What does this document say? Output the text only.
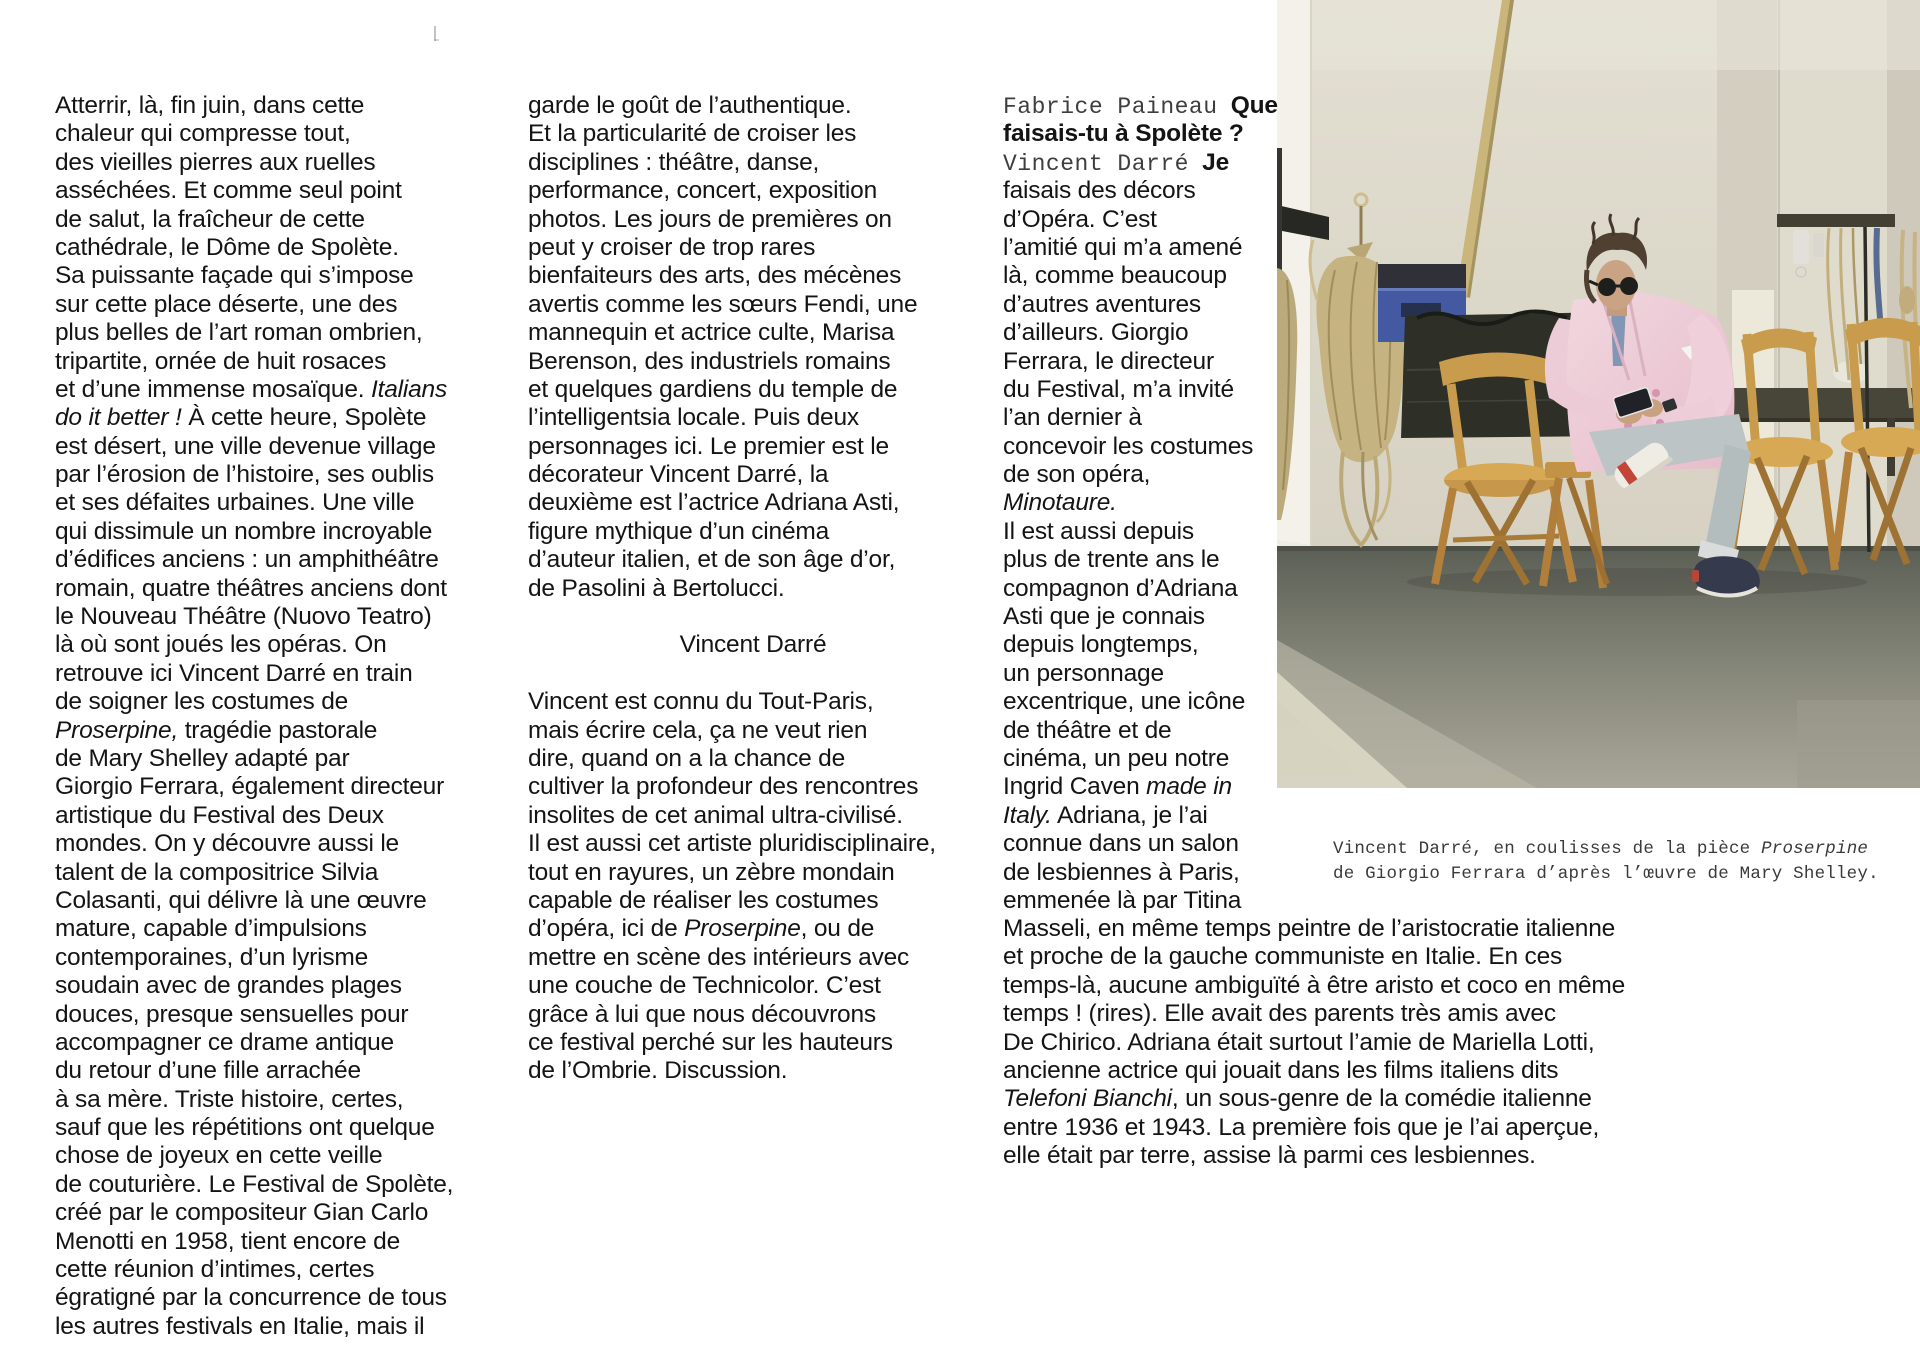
Atterrir, là, fin juin, dans cette
chaleur qui compresse tout,
des vieilles pierres aux ruelles
asséchées. Et comme seul point
de salut, la fraîcheur de cette
cathédrale, le Dôme de Spolète.
Sa puissante façade qui s’impose
sur cette place déserte, une des
plus belles de l’art roman ombrien,
tripartite, ornée de huit rosaces
et d’une immense mosaïque. Italians
do it better ! À cette heure, Spolète
est désert, une ville devenue village
par l’érosion de l’histoire, ses oublis
et ses défaites urbaines. Une ville
qui dissimule un nombre incroyable
d’édifices anciens : un amphithéâtre
romain, quatre théâtres anciens dont
le Nouveau Théâtre (Nuovo Teatro)
là où sont joués les opéras. On
retrouve ici Vincent Darré en train
de soigner les costumes de
Proserpine, tragédie pastorale
de Mary Shelley adapté par
Giorgio Ferrara, également directeur
artistique du Festival des Deux
mondes. On y découvre aussi le
talent de la compositrice Silvia
Colasanti, qui délivre là une œuvre
mature, capable d’impulsions
contemporaines, d’un lyrisme
soudain avec de grandes plages
douces, presque sensuelles pour
accompagner ce drame antique
du retour d’une fille arrachée
à sa mère. Triste histoire, certes,
sauf que les répétitions ont quelque
chose de joyeux en cette veille
de couturière. Le Festival de Spolète,
créé par le compositeur Gian Carlo
Menotti en 1958, tient encore de
cette réunion d’intimes, certes
égratigné par la concurrence de tous
les autres festivals en Italie, mais il
garde le goût de l’authentique.
Et la particularité de croiser les
disciplines : théâtre, danse,
performance, concert, exposition
photos. Les jours de premières on
peut y croiser de trop rares
bienfaiteurs des arts, des mécènes
avertis comme les sœurs Fendi, une
mannequin et actrice culte, Marisa
Berenson, des industriels romains
et quelques gardiens du temple de
l’intelligentsia locale. Puis deux
personnages ici. Le premier est le
décorateur Vincent Darré, la
deuxième est l’actrice Adriana Asti,
figure mythique d’un cinéma
d’auteur italien, et de son âge d’or,
de Pasolini à Bertolucci.

Vincent Darré

Vincent est connu du Tout-Paris,
mais écrire cela, ça ne veut rien
dire, quand on a la chance de
cultiver la profondeur des rencontres
insolites de cet animal ultra-civilisé.
Il est aussi cet artiste pluridisciplinaire,
tout en rayures, un zèbre mondain
capable de réaliser les costumes
d’opéra, ici de Proserpine, ou de
mettre en scène des intérieurs avec
une couche de Technicolor. C’est
grâce à lui que nous découvrons
ce festival perché sur les hauteurs
de l’Ombrie. Discussion.
Fabrice Paineau Que
faisais-tu à Spolète ?
Vincent Darré Je
faisais des décors
d’Opéra. C’est
l’amitié qui m’a amené
là, comme beaucoup
d’autres aventures
d’ailleurs. Giorgio
Ferrara, le directeur
du Festival, m’a invité
l’an dernier à
concevoir les costumes
de son opéra,
Minotaure.
Il est aussi depuis
plus de trente ans le
compagnon d’Adriana
Asti que je connais
depuis longtemps,
un personnage
excentrique, une icône
de théâtre et de
cinéma, un peu notre
Ingrid Caven made in
Italy. Adriana, je l’ai
connue dans un salon
de lesbiennes à Paris,
emmenée là par Titina
Masseli, en même temps peintre de l’aristocratie italienne
et proche de la gauche communiste en Italie. En ces
temps-là, aucune ambiguïté à être aristo et coco en même
temps ! (rires). Elle avait des parents très amis avec
De Chirico. Adriana était surtout l’amie de Mariella Lotti,
ancienne actrice qui jouait dans les films italiens dits
Telefoni Bianchi, un sous-genre de la comédie italienne
entre 1936 et 1943. La première fois que je l’ai aperçue,
elle était par terre, assise là parmi ces lesbiennes.
Vincent Darré, en coulisses de la pièce Proserpine
de Giorgio Ferrara d’après l’œuvre de Mary Shelley.
